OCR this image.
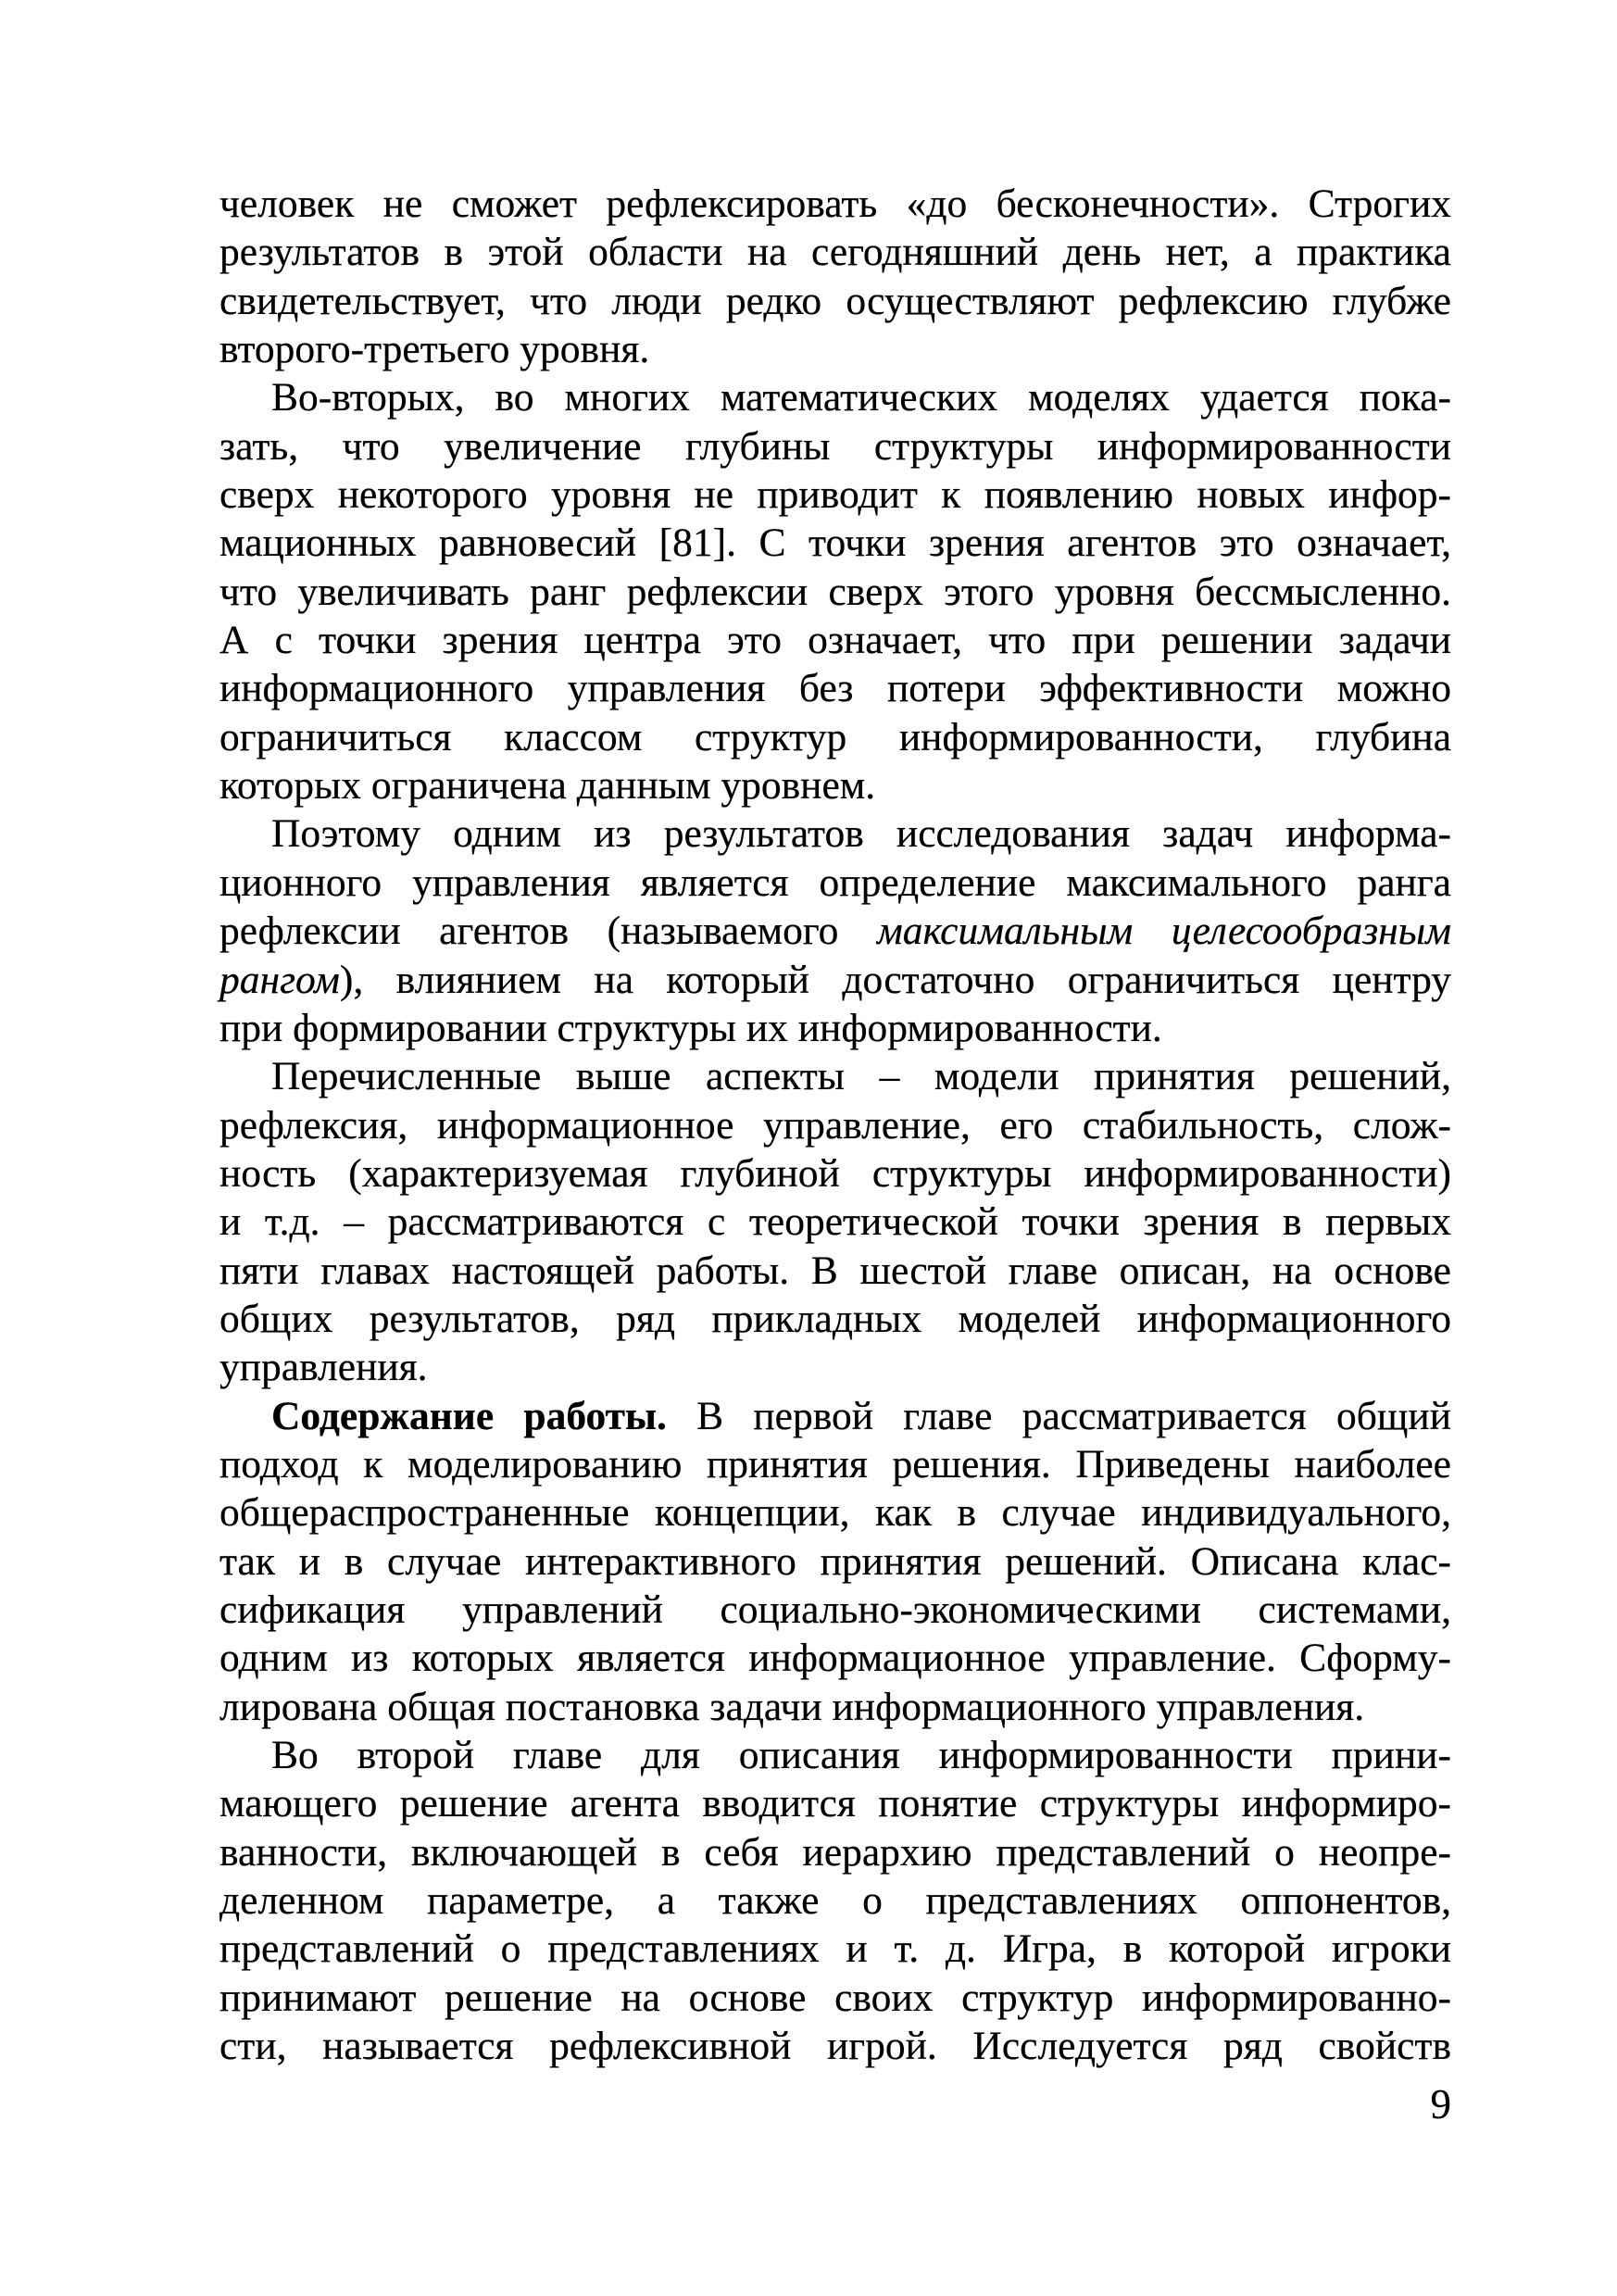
человек не сможет рефлексировать «до бесконечности». Строгих
результатов в этой области на сегодняшний день нет, а практика
свидетельствует, что люди редко осуществляют рефлексию глубже
второго-третьего уровня.
Во-вторых, во многих математических моделях удается пока-
зать, что увеличение глубины структуры информированности
сверх некоторого уровня не приводит к появлению новых инфор-
мационных равновесий [81]. С точки зрения агентов это означает,
что увеличивать ранг рефлексии сверх этого уровня бессмысленно.
А с точки зрения центра это означает, что при решении задачи
информационного управления без потери эффективности можно
ограничиться классом структур информированности, глубина
которых ограничена данным уровнем.
Поэтому одним из результатов исследования задач информа-
ционного управления является определение максимального ранга
рефлексии агентов (называемого максимальным целесообразным
рангом), влиянием на который достаточно ограничиться центру
при формировании структуры их информированности.
Перечисленные выше аспекты – модели принятия решений,
рефлексия, информационное управление, его стабильность, слож-
ность (характеризуемая глубиной структуры информированности)
и т.д. – рассматриваются с теоретической точки зрения в первых
пяти главах настоящей работы. В шестой главе описан, на основе
общих результатов, ряд прикладных моделей информационного
управления.
Содержание работы. В первой главе рассматривается общий
подход к моделированию принятия решения. Приведены наиболее
общераспространенные концепции, как в случае индивидуального,
так и в случае интерактивного принятия решений. Описана клас-
сификация управлений социально-экономическими системами,
одним из которых является информационное управление. Сформу-
лирована общая постановка задачи информационного управления.
Во второй главе для описания информированности прини-
мающего решение агента вводится понятие структуры информиро-
ванности, включающей в себя иерархию представлений о неопре-
деленном параметре, а также о представлениях оппонентов,
представлений о представлениях и т. д. Игра, в которой игроки
принимают решение на основе своих структур информированно-
сти, называется рефлексивной игрой. Исследуется ряд свойств
9
